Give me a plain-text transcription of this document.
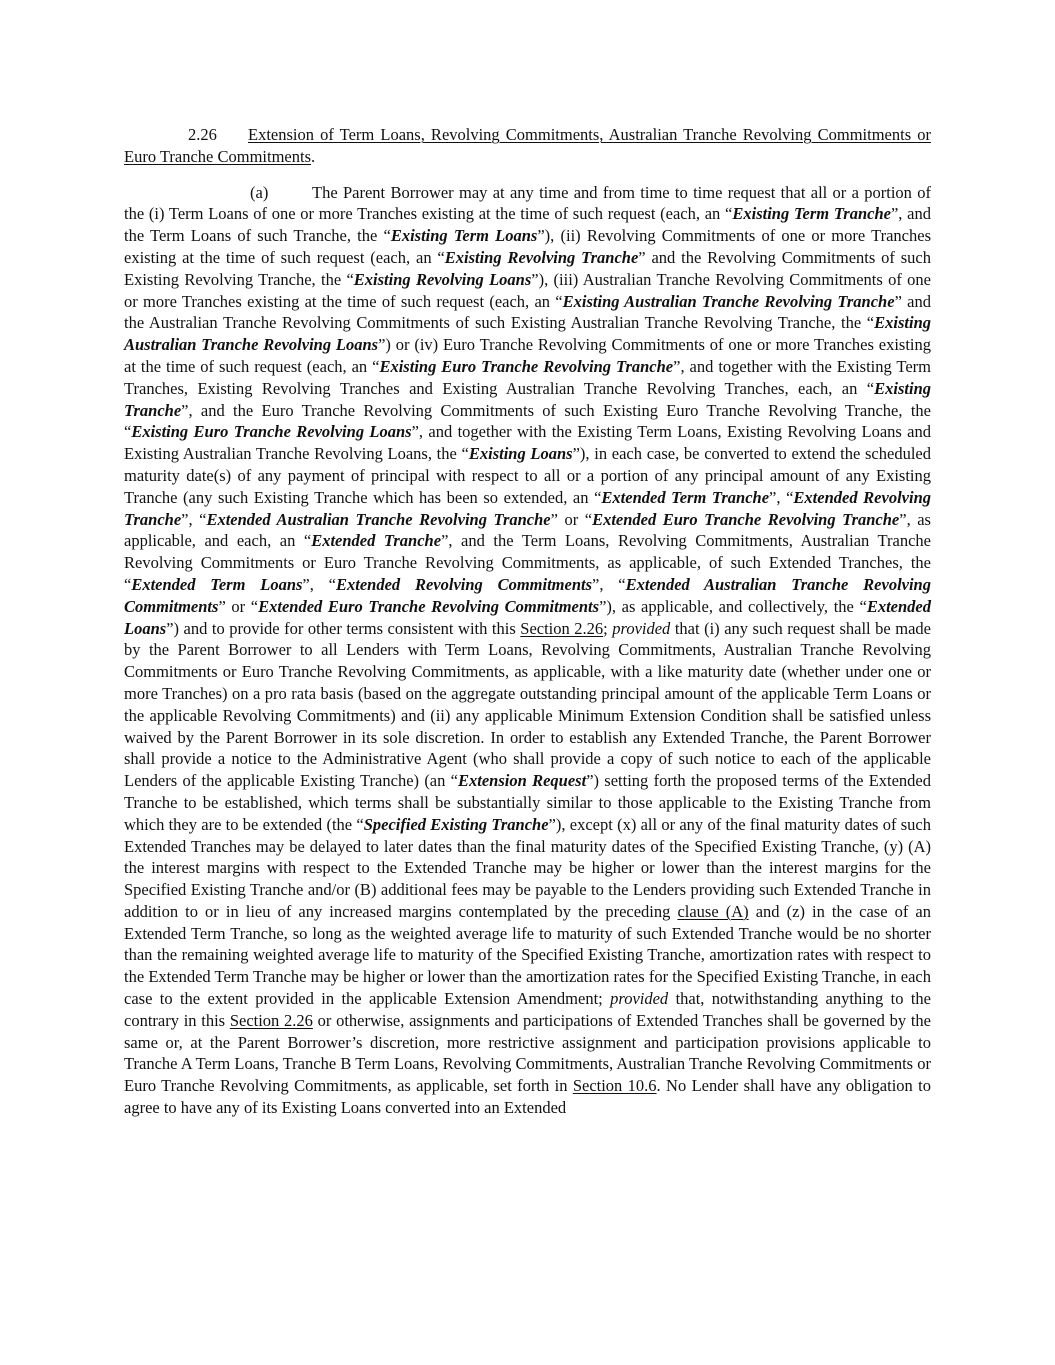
2.26 Extension of Term Loans, Revolving Commitments, Australian Tranche Revolving Commitments or Euro Tranche Commitments.

(a)	The Parent Borrower may at any time and from time to time request that all or a portion of the (i) Term Loans of one or more Tranches existing at the time of such request (each, an “Existing Term Tranche”, and the Term Loans of such Tranche, the “Existing Term Loans”), (ii) Revolving Commitments of one or more Tranches existing at the time of such request (each, an “Existing Revolving Tranche” and the Revolving Commitments of such Existing Revolving Tranche, the “Existing Revolving Loans”), (iii) Australian Tranche Revolving Commitments of one or more Tranches existing at the time of such request (each, an “Existing Australian Tranche Revolving Tranche” and the Australian Tranche Revolving Commitments of such Existing Australian Tranche Revolving Tranche, the “Existing Australian Tranche Revolving Loans”) or (iv) Euro Tranche Revolving Commitments of one or more Tranches existing at the time of such request (each, an “Existing Euro Tranche Revolving Tranche”, and together with the Existing Term Tranches, Existing Revolving Tranches and Existing Australian Tranche Revolving Tranches, each, an “Existing Tranche”, and the Euro Tranche Revolving Commitments of such Existing Euro Tranche Revolving Tranche, the “Existing Euro Tranche Revolving Loans”, and together with the Existing Term Loans, Existing Revolving Loans and Existing Australian Tranche Revolving Loans, the “Existing Loans”), in each case, be converted to extend the scheduled maturity date(s) of any payment of principal with respect to all or a portion of any principal amount of any Existing Tranche (any such Existing Tranche which has been so extended, an “Extended Term Tranche”, “Extended Revolving Tranche”, “Extended Australian Tranche Revolving Tranche” or “Extended Euro Tranche Revolving Tranche”, as applicable, and each, an “Extended Tranche”, and the Term Loans, Revolving Commitments, Australian Tranche Revolving Commitments or Euro Tranche Revolving Commitments, as applicable, of such Extended Tranches, the “Extended Term Loans”, “Extended Revolving Commitments”, “Extended Australian Tranche Revolving Commitments” or “Extended Euro Tranche Revolving Commitments”), as applicable, and collectively, the “Extended Loans”) and to provide for other terms consistent with this Section 2.26; provided that (i) any such request shall be made by the Parent Borrower to all Lenders with Term Loans, Revolving Commitments, Australian Tranche Revolving Commitments or Euro Tranche Revolving Commitments, as applicable, with a like maturity date (whether under one or more Tranches) on a pro rata basis (based on the aggregate outstanding principal amount of the applicable Term Loans or the applicable Revolving Commitments) and (ii) any applicable Minimum Extension Condition shall be satisfied unless waived by the Parent Borrower in its sole discretion. In order to establish any Extended Tranche, the Parent Borrower shall provide a notice to the Administrative Agent (who shall provide a copy of such notice to each of the applicable Lenders of the applicable Existing Tranche) (an “Extension Request”) setting forth the proposed terms of the Extended Tranche to be established, which terms shall be substantially similar to those applicable to the Existing Tranche from which they are to be extended (the “Specified Existing Tranche”), except (x) all or any of the final maturity dates of such Extended Tranches may be delayed to later dates than the final maturity dates of the Specified Existing Tranche, (y) (A) the interest margins with respect to the Extended Tranche may be higher or lower than the interest margins for the Specified Existing Tranche and/or (B) additional fees may be payable to the Lenders providing such Extended Tranche in addition to or in lieu of any increased margins contemplated by the preceding clause (A) and (z) in the case of an Extended Term Tranche, so long as the weighted average life to maturity of such Extended Tranche would be no shorter than the remaining weighted average life to maturity of the Specified Existing Tranche, amortization rates with respect to the Extended Term Tranche may be higher or lower than the amortization rates for the Specified Existing Tranche, in each case to the extent provided in the applicable Extension Amendment; provided that, notwithstanding anything to the contrary in this Section 2.26 or otherwise, assignments and participations of Extended Tranches shall be governed by the same or, at the Parent Borrower’s discretion, more restrictive assignment and participation provisions applicable to Tranche A Term Loans, Tranche B Term Loans, Revolving Commitments, Australian Tranche Revolving Commitments or Euro Tranche Revolving Commitments, as applicable, set forth in Section 10.6. No Lender shall have any obligation to agree to have any of its Existing Loans converted into an Extended
